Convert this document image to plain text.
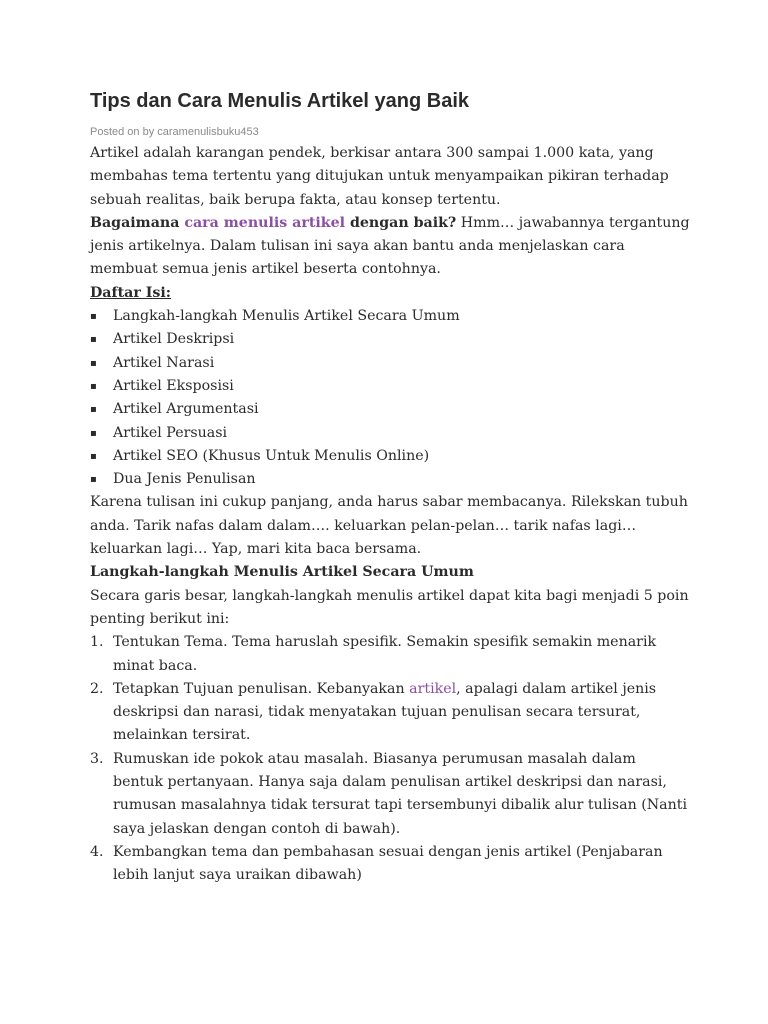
Tips dan Cara Menulis Artikel yang Baik
Posted on by caramenulisbuku453

Artikel adalah karangan pendek, berkisar antara 300 sampai 1.000 kata, yang membahas tema tertentu yang ditujukan untuk menyampaikan pikiran terhadap sebuah realitas, baik berupa fakta, atau konsep tertentu.

Bagaimana cara menulis artikel dengan baik? Hmm… jawabannya tergantung jenis artikelnya. Dalam tulisan ini saya akan bantu anda menjelaskan cara membuat semua jenis artikel beserta contohnya.

Daftar Isi:

▪	Langkah-langkah Menulis Artikel Secara Umum
▪	Artikel Deskripsi
▪	Artikel Narasi
▪	Artikel Eksposisi
▪	Artikel Argumentasi
▪	Artikel Persuasi
▪	Artikel SEO (Khusus Untuk Menulis Online)
▪	Dua Jenis Penulisan

Karena tulisan ini cukup panjang, anda harus sabar membacanya. Rilekskan tubuh anda. Tarik nafas dalam dalam…. keluarkan pelan-pelan… tarik nafas lagi… keluarkan lagi… Yap, mari kita baca bersama.

Langkah-langkah Menulis Artikel Secara Umum

Secara garis besar, langkah-langkah menulis artikel dapat kita bagi menjadi 5 poin penting berikut ini:

1. Tentukan Tema. Tema haruslah spesifik. Semakin spesifik semakin menarik minat baca.
2. Tetapkan Tujuan penulisan. Kebanyakan artikel, apalagi dalam artikel jenis deskripsi dan narasi, tidak menyatakan tujuan penulisan secara tersurat, melainkan tersirat.
3. Rumuskan ide pokok atau masalah. Biasanya perumusan masalah dalam bentuk pertanyaan. Hanya saja dalam penulisan artikel deskripsi dan narasi, rumusan masalahnya tidak tersurat tapi tersembunyi dibalik alur tulisan (Nanti saya jelaskan dengan contoh di bawah).
4. Kembangkan tema dan pembahasan sesuai dengan jenis artikel (Penjabaran lebih lanjut saya uraikan dibawah)
